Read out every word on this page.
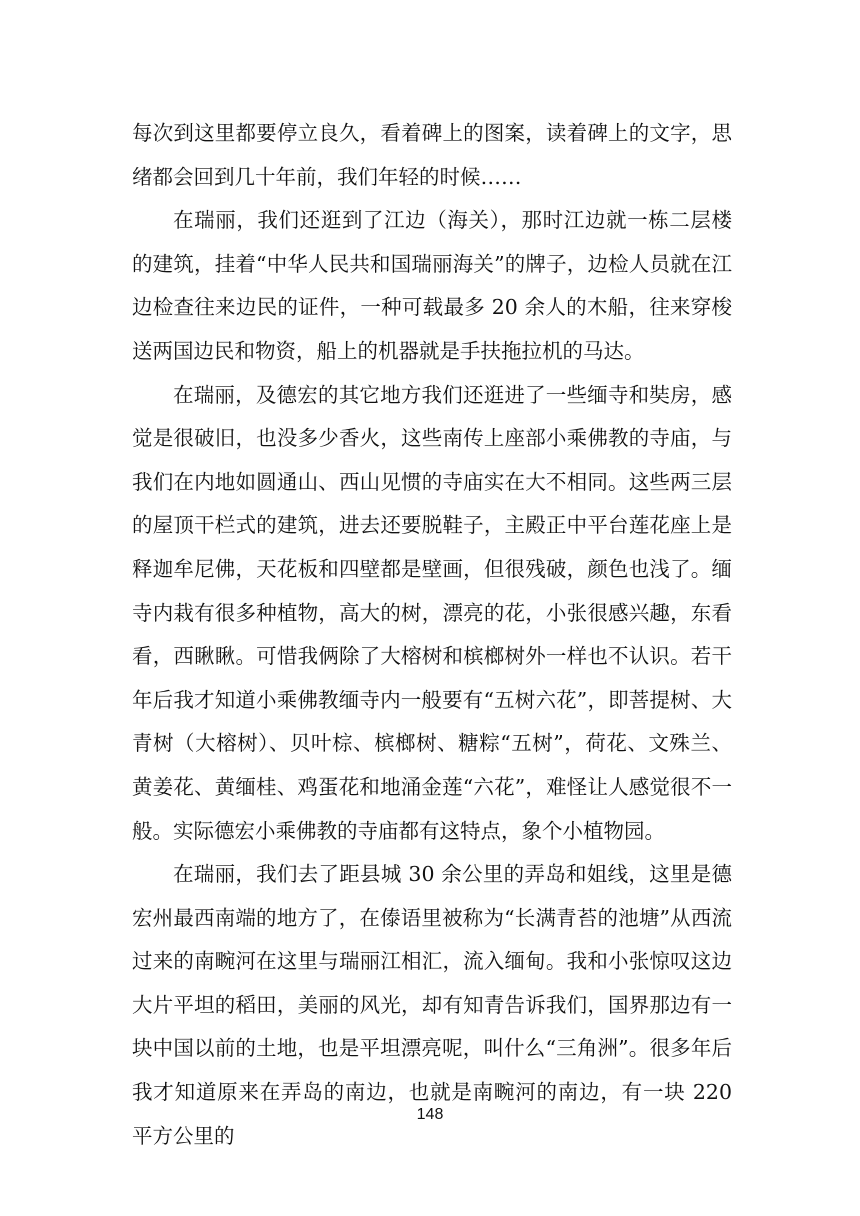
每次到这里都要停立良久，看着碑上的图案，读着碑上的文字，思绪都会回到几十年前，我们年轻的时候……

在瑞丽，我们还逛到了江边（海关），那时江边就一栋二层楼的建筑，挂着“中华人民共和国瑞丽海关”的牌子，边检人员就在江边检查往来边民的证件，一种可载最多 20 余人的木船，往来穿梭送两国边民和物资，船上的机器就是手扶拖拉机的马达。

在瑞丽，及德宏的其它地方我们还逛进了一些缅寺和奘房，感觉是很破旧，也没多少香火，这些南传上座部小乘佛教的寺庙，与我们在内地如圆通山、西山见惯的寺庙实在大不相同。这些两三层的屋顶干栏式的建筑，进去还要脱鞋子，主殿正中平台莲花座上是释迦牟尼佛，天花板和四壁都是壁画，但很残破，颜色也浅了。缅寺内栽有很多种植物，高大的树，漂亮的花，小张很感兴趣，东看看，西瞅瞅。可惜我俩除了大榕树和槟榔树外一样也不认识。若干年后我才知道小乘佛教缅寺内一般要有“五树六花”，即菩提树、大青树（大榕树）、贝叶棕、槟榔树、糖粽“五树”，荷花、文殊兰、黄姜花、黄缅桂、鸡蛋花和地涌金莲“六花”，难怪让人感觉很不一般。实际德宏小乘佛教的寺庙都有这特点，象个小植物园。

在瑞丽，我们去了距县城 30 余公里的弄岛和姐线，这里是德宏州最西南端的地方了，在傣语里被称为“长满青苔的池塘”从西流过来的南畹河在这里与瑞丽江相汇，流入缅甸。我和小张惊叹这边大片平坦的稻田，美丽的风光，却有知青告诉我们，国界那边有一块中国以前的土地，也是平坦漂亮呢，叫什么“三角洲”。很多年后我才知道原来在弄岛的南边，也就是南畹河的南边，有一块 220 平方公里的

148
